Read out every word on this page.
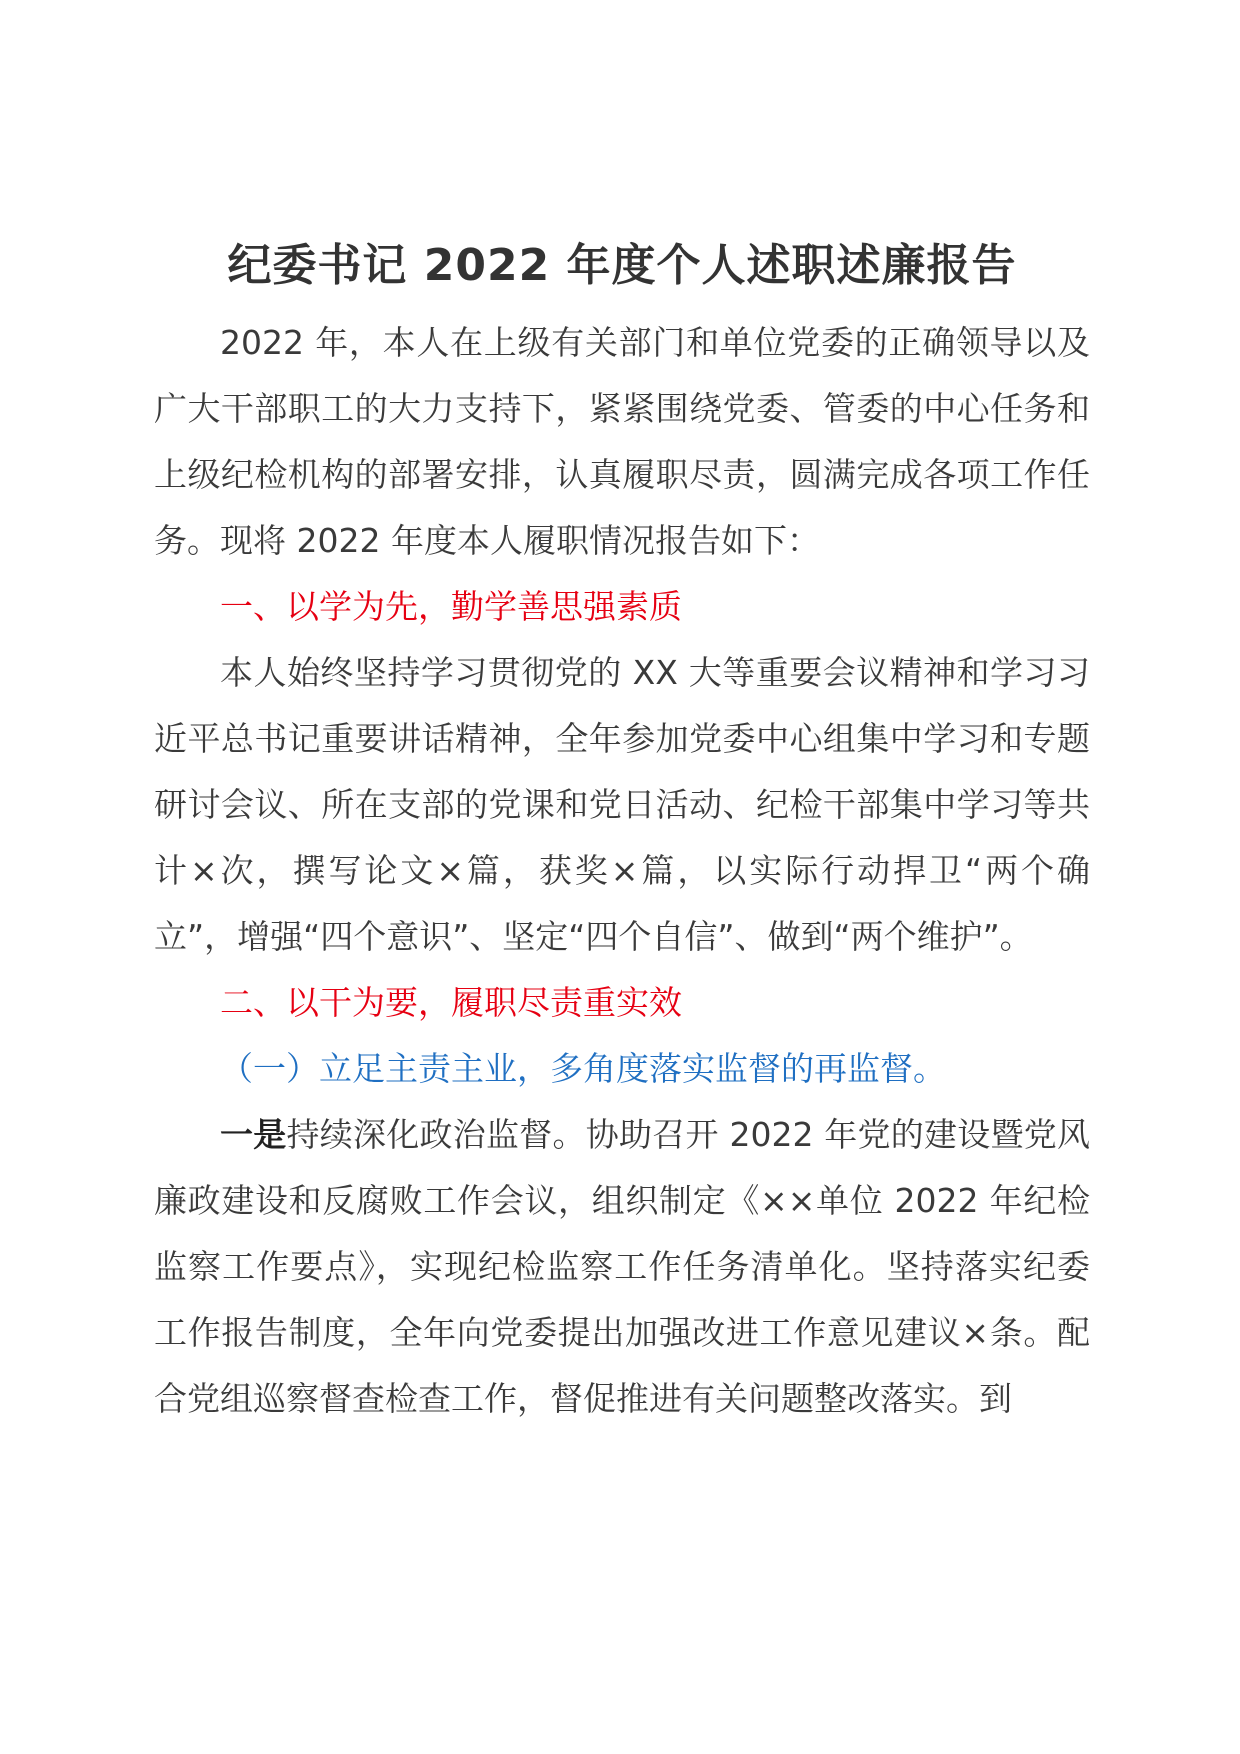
纪委书记 2022 年度个人述职述廉报告

2022 年，本人在上级有关部门和单位党委的正确领导以及广大干部职工的大力支持下，紧紧围绕党委、管委的中心任务和上级纪检机构的部署安排，认真履职尽责，圆满完成各项工作任务。现将 2022 年度本人履职情况报告如下：

一、以学为先，勤学善思强素质

本人始终坚持学习贯彻党的 XX 大等重要会议精神和学习习近平总书记重要讲话精神，全年参加党委中心组集中学习和专题研讨会议、所在支部的党课和党日活动、纪检干部集中学习等共计×次，撰写论文×篇，获奖×篇，以实际行动捍卫“两个确立”，增强“四个意识”、坚定“四个自信”、做到“两个维护”。

二、以干为要，履职尽责重实效

（一）立足主责主业，多角度落实监督的再监督。

一是持续深化政治监督。协助召开 2022 年党的建设暨党风廉政建设和反腐败工作会议，组织制定《××单位 2022 年纪检监察工作要点》，实现纪检监察工作任务清单化。坚持落实纪委工作报告制度，全年向党委提出加强改进工作意见建议×条。配合党组巡察督查检查工作，督促推进有关问题整改落实。到
